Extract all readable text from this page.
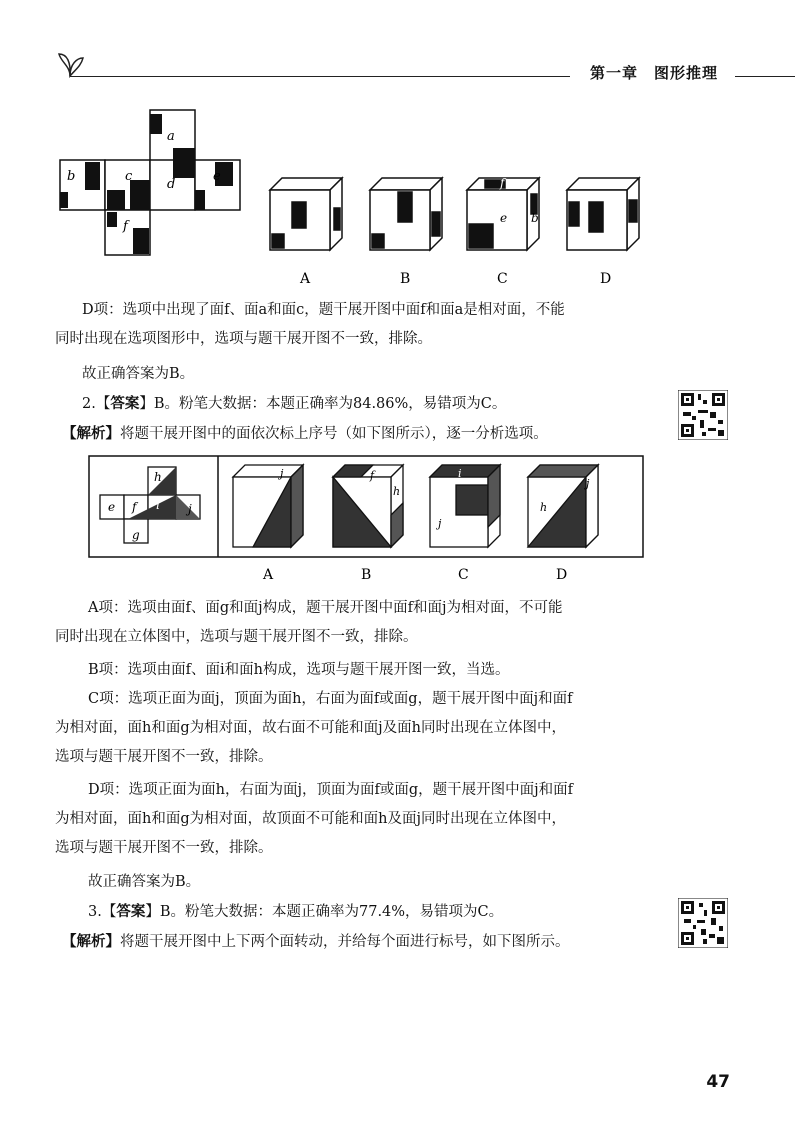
第一章　图形推理
a
b	c
d
e
f
f
e b
A	B	C	D
D项：选项中出现了面f、面a和面c，题干展开图中面f和面a是相对面，不能
同时出现在选项图形中，选项与题干展开图不一致，排除。
故正确答案为B。
2.【答案】B。粉笔大数据：本题正确率为84.86%，易错项为C。
【解析】将题干展开图中的面依次标上序号（如下图所示），逐一分析选项。
h
e f i j
g
j	f
h
i
j
h
j
A	B	C	D
A项：选项由面f、面g和面j构成，题干展开图中面f和面j为相对面，不可能
同时出现在立体图中，选项与题干展开图不一致，排除。
B项：选项由面f、面i和面h构成，选项与题干展开图一致，当选。
C项：选项正面为面j，顶面为面h，右面为面f或面g，题干展开图中面j和面f
为相对面，面h和面g为相对面，故右面不可能和面j及面h同时出现在立体图中，
选项与题干展开图不一致，排除。
D项：选项正面为面h，右面为面j，顶面为面f或面g，题干展开图中面j和面f
为相对面，面h和面g为相对面，故顶面不可能和面h及面j同时出现在立体图中，
选项与题干展开图不一致，排除。
故正确答案为B。
3.【答案】B。粉笔大数据：本题正确率为77.4%，易错项为C。
【解析】将题干展开图中上下两个面转动，并给每个面进行标号，如下图所示。
47
